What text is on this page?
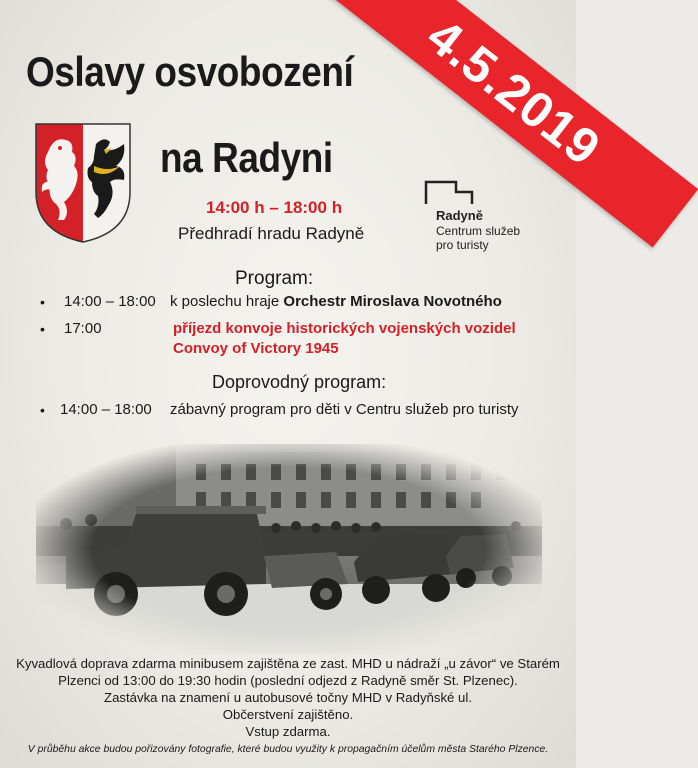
4.5.2019
Oslavy osvobození
na Radyni
14:00 h – 18:00 h
Předhradí hradu Radyně
Radyně
Centrum služeb
pro turisty
Program:
• 14:00 – 18:00 k poslechu hraje Orchestr Miroslava Novotného
• 17:00	příjezd konvoje historických vojenských vozidel
Convoy of Victory 1945
Doprovodný program:
• 14:00 – 18:00 zábavný program pro děti v Centru služeb pro turisty
Kyvadlová doprava zdarma minibusem zajištěna ze zast. MHD u nádraží „u závor“ ve Starém
Plzenci od 13:00 do 19:30 hodin (poslední odjezd z Radyně směr St. Plzenec).
Zastávka na znamení u autobusové točny MHD v Radyňské ul.
Občerstvení zajištěno.
Vstup zdarma.
V průběhu akce budou pořizovány fotografie, které budou využity k propagačním účelům města Starého Plzence.
